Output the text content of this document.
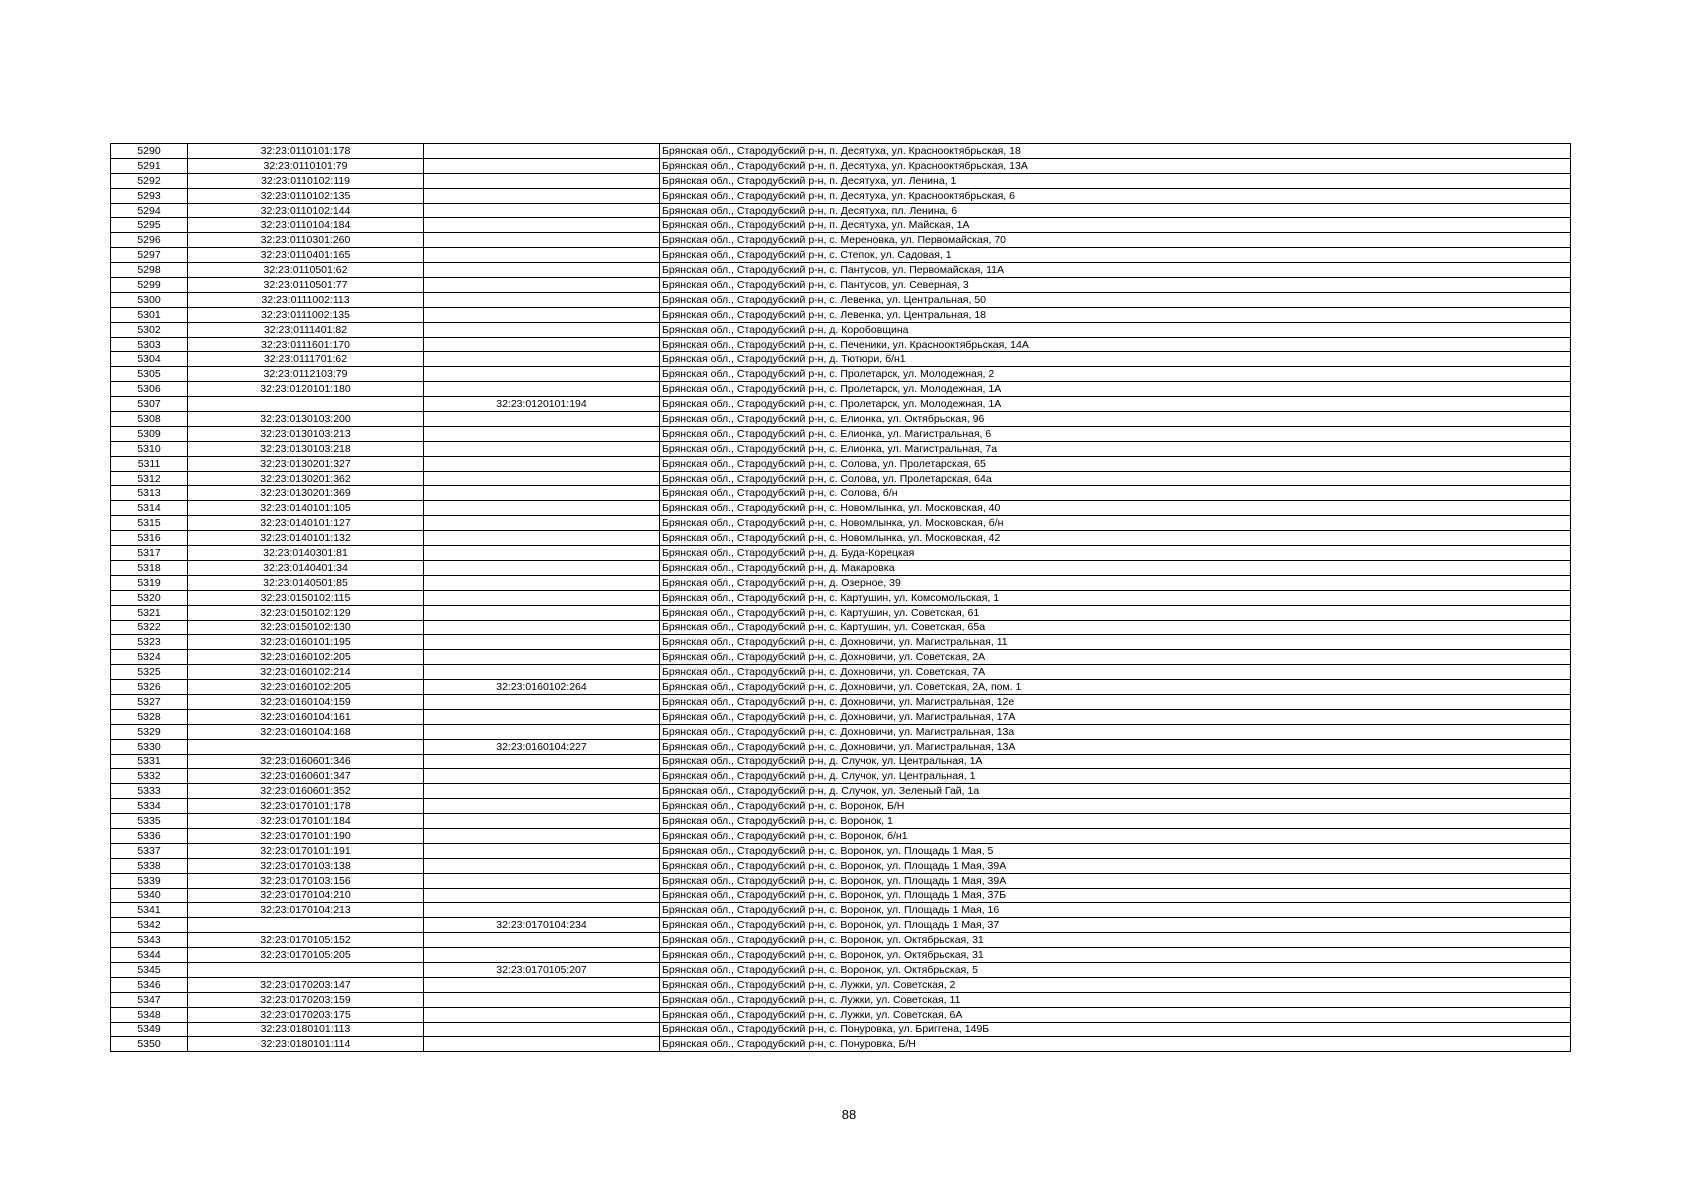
5290	32:23:0110101:178		Брянская обл., Стародубский р-н, п. Десятуха, ул. Краснооктябрьская, 18
5291	32:23:0110101:79		Брянская обл., Стародубский р-н, п. Десятуха, ул. Краснооктябрьская, 13А
5292	32:23:0110102:119		Брянская обл., Стародубский р-н, п. Десятуха, ул. Ленина, 1
5293	32:23:0110102:135		Брянская обл., Стародубский р-н, п. Десятуха, ул. Краснооктябрьская, 6
5294	32:23:0110102:144		Брянская обл., Стародубский р-н, п. Десятуха, пл. Ленина, 6
5295	32:23:0110104:184		Брянская обл., Стародубский р-н, п. Десятуха, ул. Майская, 1А
5296	32:23:0110301:260		Брянская обл., Стародубский р-н, с. Мереновка, ул. Первомайская, 70
5297	32:23:0110401:165		Брянская обл., Стародубский р-н, с. Степок, ул. Садовая, 1
5298	32:23:0110501:62		Брянская обл., Стародубский р-н, с. Пантусов, ул. Первомайская, 11А
5299	32:23:0110501:77		Брянская обл., Стародубский р-н, с. Пантусов, ул. Северная, 3
5300	32:23:0111002:113		Брянская обл., Стародубский р-н, с. Левенка, ул. Центральная, 50
5301	32:23:0111002:135		Брянская обл., Стародубский р-н, с. Левенка, ул. Центральная, 18
5302	32:23:0111401:82		Брянская обл., Стародубский р-н, д. Коробовщина
5303	32:23:0111601:170		Брянская обл., Стародубский р-н, с. Печеники, ул. Краснооктябрьская, 14А
5304	32:23:0111701:62		Брянская обл., Стародубский р-н, д. Тютюри, б/н1
5305	32:23:0112103:79		Брянская обл., Стародубский р-н, с. Пролетарск, ул. Молодежная, 2
5306	32:23:0120101:180		Брянская обл., Стародубский р-н, с. Пролетарск, ул. Молодежная, 1А
5307		32:23:0120101:194	Брянская обл., Стародубский р-н, с. Пролетарск, ул. Молодежная, 1А
5308	32:23:0130103:200		Брянская обл., Стародубский р-н, с. Елионка, ул. Октябрьская, 96
5309	32:23:0130103:213		Брянская обл., Стародубский р-н, с. Елионка, ул. Магистральная, 6
5310	32:23:0130103:218		Брянская обл., Стародубский р-н, с. Елионка, ул. Магистральная, 7а
5311	32:23:0130201:327		Брянская обл., Стародубский р-н, с. Солова, ул. Пролетарская, 65
5312	32:23:0130201:362		Брянская обл., Стародубский р-н, с. Солова, ул. Пролетарская, 64а
5313	32:23:0130201:369		Брянская обл., Стародубский р-н, с. Солова, б/н
5314	32:23:0140101:105		Брянская обл., Стародубский р-н, с. Новомлынка, ул. Московская, 40
5315	32:23:0140101:127		Брянская обл., Стародубский р-н, с. Новомлынка, ул. Московская, б/н
5316	32:23:0140101:132		Брянская обл., Стародубский р-н, с. Новомлынка, ул. Московская, 42
5317	32:23:0140301:81		Брянская обл., Стародубский р-н, д. Буда-Корецкая
5318	32:23:0140401:34		Брянская обл., Стародубский р-н, д. Макаровка
5319	32:23:0140501:85		Брянская обл., Стародубский р-н, д. Озерное, 39
5320	32:23:0150102:115		Брянская обл., Стародубский р-н, с. Картушин, ул. Комсомольская, 1
5321	32:23:0150102:129		Брянская обл., Стародубский р-н, с. Картушин, ул. Советская, 61
5322	32:23:0150102:130		Брянская обл., Стародубский р-н, с. Картушин, ул. Советская, 65а
5323	32:23:0160101:195		Брянская обл., Стародубский р-н, с. Дохновичи, ул. Магистральная, 11
5324	32:23:0160102:205		Брянская обл., Стародубский р-н, с. Дохновичи, ул. Советская, 2А
5325	32:23:0160102:214		Брянская обл., Стародубский р-н, с. Дохновичи, ул. Советская, 7А
5326	32:23:0160102:205	32:23:0160102:264	Брянская обл., Стародубский р-н, с. Дохновичи, ул. Советская, 2А, пом. 1
5327	32:23:0160104:159		Брянская обл., Стародубский р-н, с. Дохновичи, ул. Магистральная, 12е
5328	32:23:0160104:161		Брянская обл., Стародубский р-н, с. Дохновичи, ул. Магистральная, 17А
5329	32:23:0160104:168		Брянская обл., Стародубский р-н, с. Дохновичи, ул. Магистральная, 13а
5330		32:23:0160104:227	Брянская обл., Стародубский р-н, с. Дохновичи, ул. Магистральная, 13А
5331	32:23:0160601:346		Брянская обл., Стародубский р-н, д. Случок, ул. Центральная, 1А
5332	32:23:0160601:347		Брянская обл., Стародубский р-н, д. Случок, ул. Центральная, 1
5333	32:23:0160601:352		Брянская обл., Стародубский р-н, д. Случок, ул. Зеленый Гай, 1а
5334	32:23:0170101:178		Брянская обл., Стародубский р-н, с. Воронок, Б/Н
5335	32:23:0170101:184		Брянская обл., Стародубский р-н, с. Воронок, 1
5336	32:23:0170101:190		Брянская обл., Стародубский р-н, с. Воронок, б/н1
5337	32:23:0170101:191		Брянская обл., Стародубский р-н, с. Воронок, ул. Площадь 1 Мая, 5
5338	32:23:0170103:138		Брянская обл., Стародубский р-н, с. Воронок, ул. Площадь 1 Мая, 39А
5339	32:23:0170103:156		Брянская обл., Стародубский р-н, с. Воронок, ул. Площадь 1 Мая, 39А
5340	32:23:0170104:210		Брянская обл., Стародубский р-н, с. Воронок, ул. Площадь 1 Мая, 37Б
5341	32:23:0170104:213		Брянская обл., Стародубский р-н, с. Воронок, ул. Площадь 1 Мая, 16
5342		32:23:0170104:234	Брянская обл., Стародубский р-н, с. Воронок, ул. Площадь 1 Мая, 37
5343	32:23:0170105:152		Брянская обл., Стародубский р-н, с. Воронок, ул. Октябрьская, 31
5344	32:23:0170105:205		Брянская обл., Стародубский р-н, с. Воронок, ул. Октябрьская, 31
5345		32:23:0170105:207	Брянская обл., Стародубский р-н, с. Воронок, ул. Октябрьская, 5
5346	32:23:0170203:147		Брянская обл., Стародубский р-н, с. Лужки, ул. Советская, 2
5347	32:23:0170203:159		Брянская обл., Стародубский р-н, с. Лужки, ул. Советская, 11
5348	32:23:0170203:175		Брянская обл., Стародубский р-н, с. Лужки, ул. Советская, 6А
5349	32:23:0180101:113		Брянская обл., Стародубский р-н, с. Понуровка, ул. Бриггена, 149Б
5350	32:23:0180101:114		Брянская обл., Стародубский р-н, с. Понуровка, Б/Н
88
